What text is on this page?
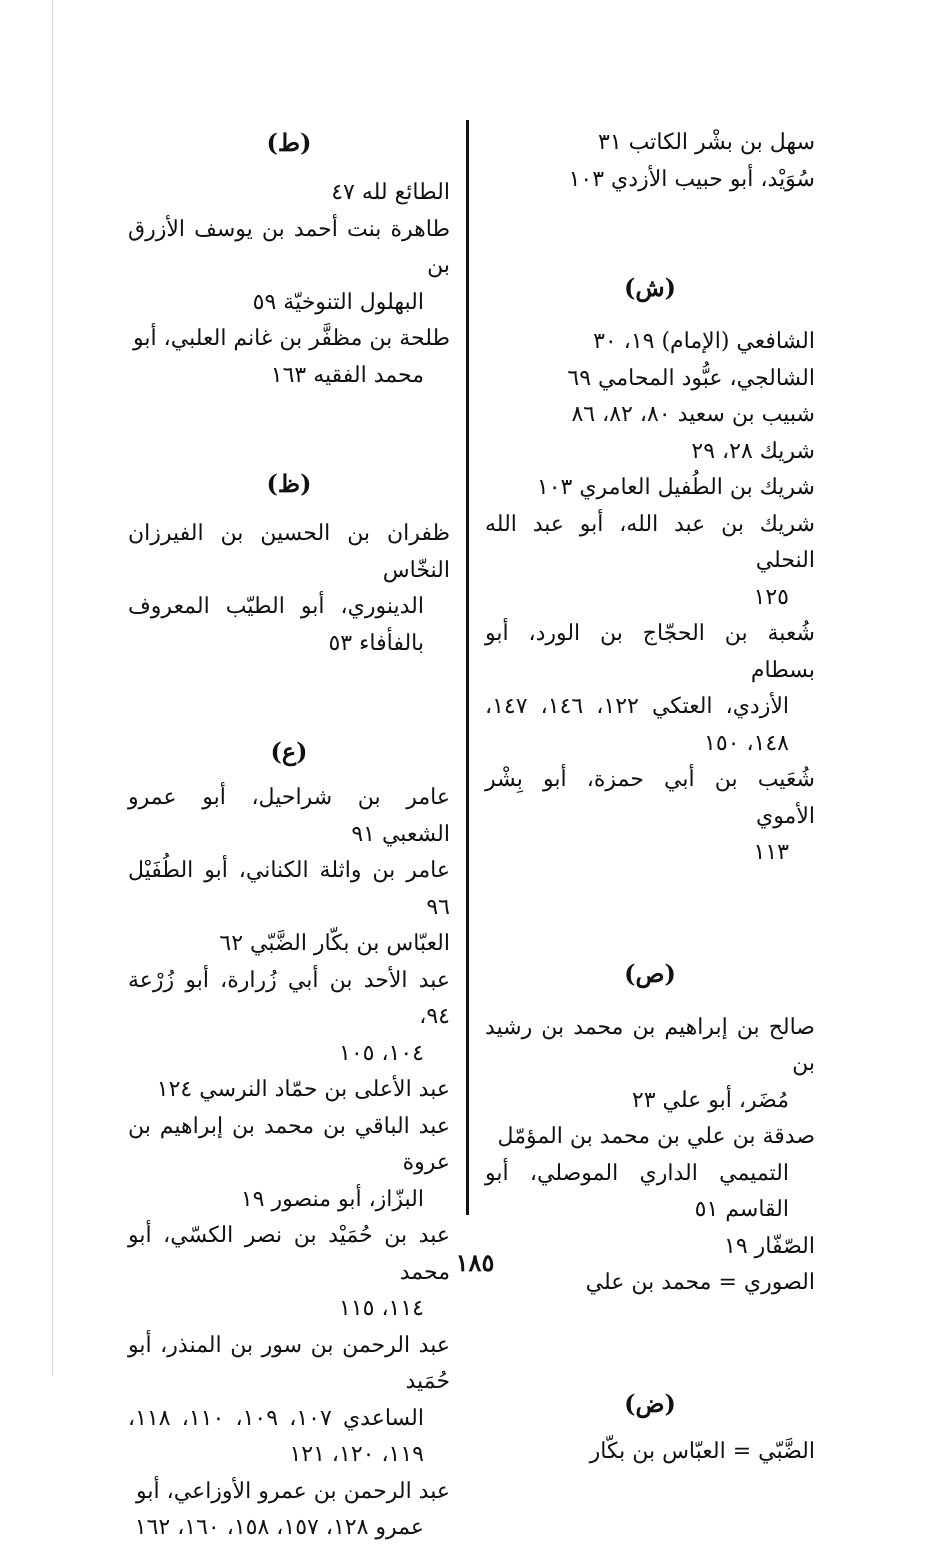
سهل بن بشْر الكاتب ٣١

سُوَيْد، أبو حبيب الأزدي ١٠٣

(ش)

الشافعي (الإمام) ١٩، ٣٠

الشالجي، عبُّود المحامي ٦٩

شبيب بن سعيد ٨٠، ٨٢، ٨٦

شريك ٢٨، ٢٩

شريك بن الطُفيل العامري ١٠٣

شريك بن عبد الله، أبو عبد الله النحلي
١٢٥

شُعبة بن الحجّاج بن الورد، أبو بسطام
الأزدي، العتكي ١٢٢، ١٤٦، ١٤٧، ١٤٨، ١٥٠

شُعَيب بن أبي حمزة، أبو بِشْر الأموي
١١٣

(ص)

صالح بن إبراهيم بن محمد بن رشيد بن
مُضَر، أبو علي ٢٣

صدقة بن علي بن محمد بن المؤمّل
التميمي الداري الموصلي، أبو القاسم ٥١

الصّفّار ١٩

الصوري = محمد بن علي

(ض)

الضَّبّي = العبّاس بن بكّار

(ط)

الطائع لله ٤٧

طاهرة بنت أحمد بن يوسف الأزرق بن
البهلول التنوخيّة ٥٩

طلحة بن مظفَّر بن غانم العلبي، أبو
محمد الفقيه ١٦٣

(ظ)

ظفران بن الحسين بن الفيرزان النخّاس
الدينوري، أبو الطيّب المعروف بالفأفاء ٥٣

(ع)

عامر بن شراحيل، أبو عمرو الشعبي ٩١

عامر بن واثلة الكناني، أبو الطُفَيْل ٩٦

العبّاس بن بكّار الضَّبّي ٦٢

عبد الأحد بن أبي زُرارة، أبو زُرْعة ٩٤،
١٠٤، ١٠٥

عبد الأعلى بن حمّاد النرسي ١٢٤

عبد الباقي بن محمد بن إبراهيم بن عروة
البزّاز، أبو منصور ١٩

عبد بن حُمَيْد بن نصر الكسّي، أبو محمد
١١٤، ١١٥

عبد الرحمن بن سور بن المنذر، أبو حُمَيد
الساعدي ١٠٧، ١٠٩، ١١٠، ١١٨، ١١٩، ١٢٠، ١٢١

عبد الرحمن بن عمرو الأوزاعي، أبو
عمرو ١٢٨، ١٥٧، ١٥٨، ١٦٠، ١٦٢

١٨٥
